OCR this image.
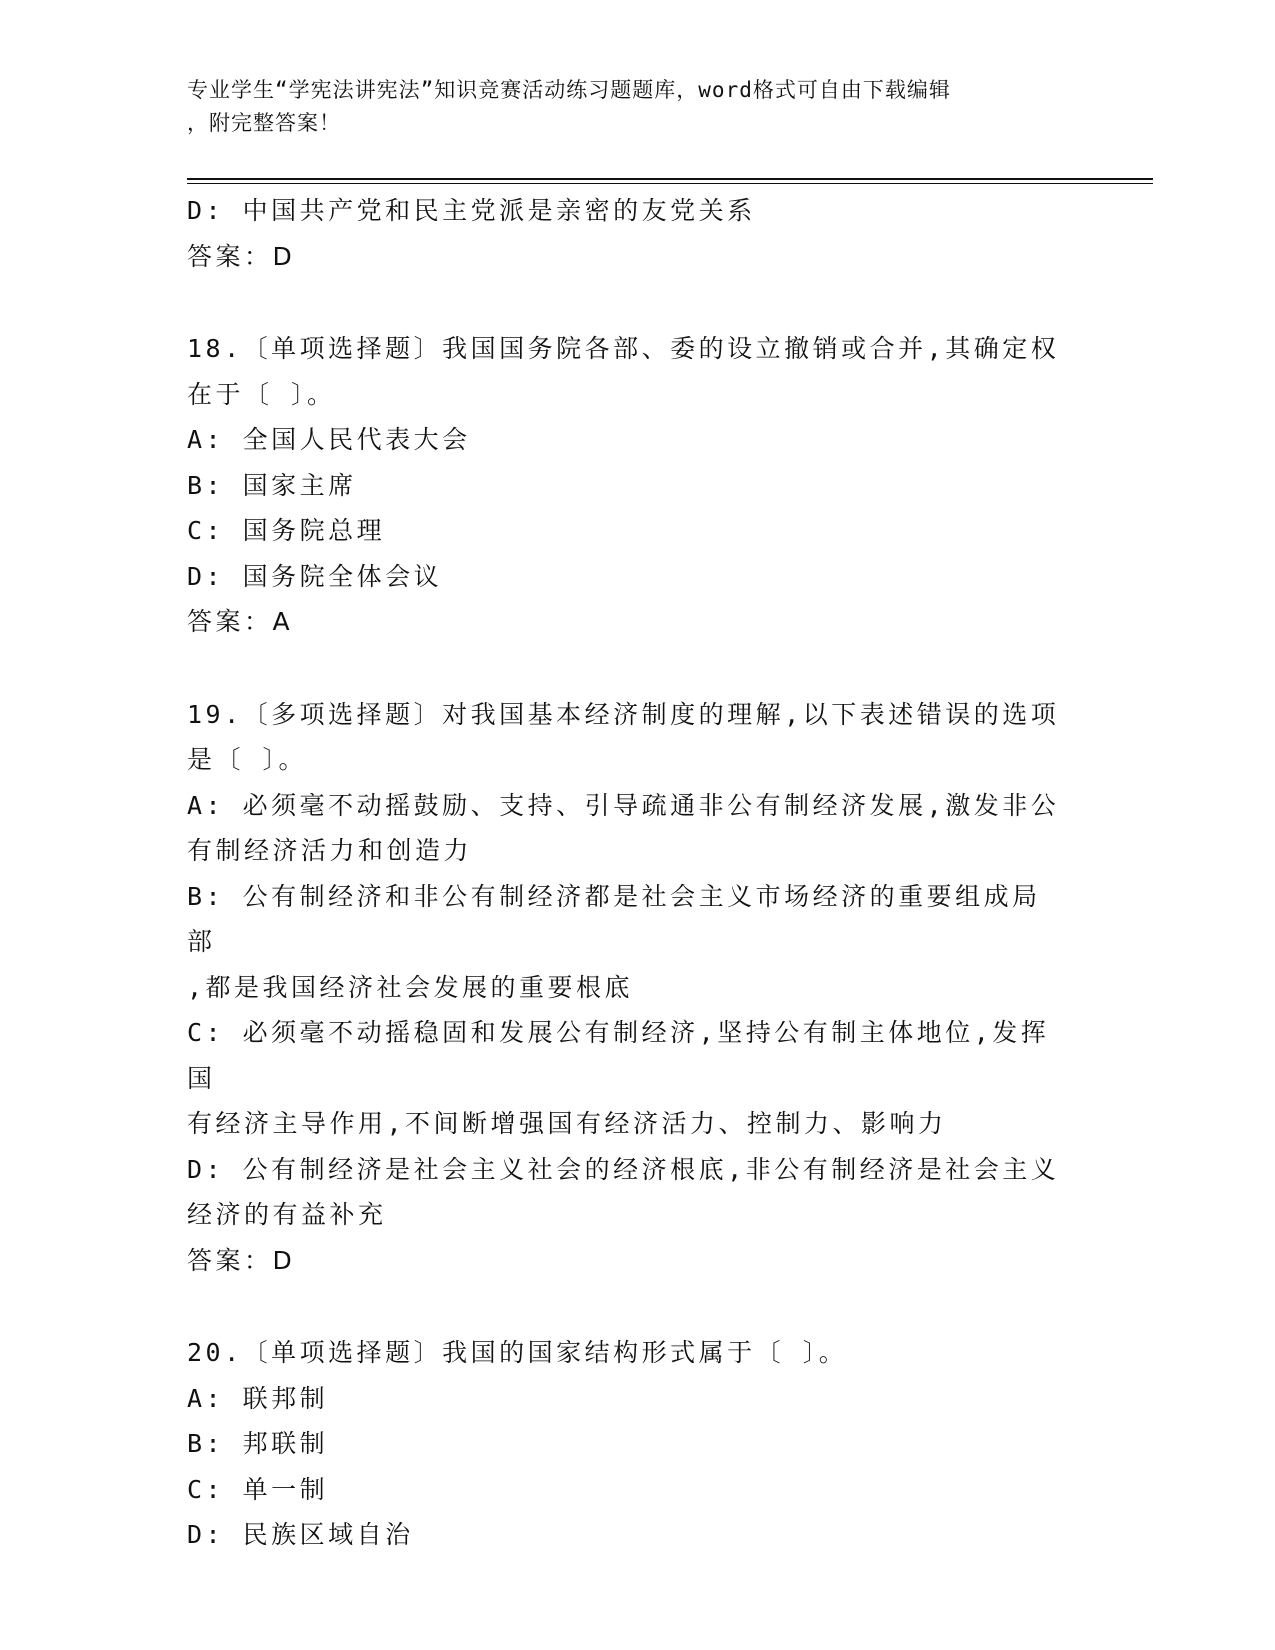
专业学生“学宪法讲宪法”知识竞赛活动练习题题库，word格式可自由下载编辑
，附完整答案！
D: 中国共产党和民主党派是亲密的友党关系
答案：D
18.〔单项选择题〕我国国务院各部、委的设立撤销或合并,其确定权
在于〔 〕。
A: 全国人民代表大会
B: 国家主席
C: 国务院总理
D: 国务院全体会议
答案：A
19.〔多项选择题〕对我国基本经济制度的理解,以下表述错误的选项
是〔 〕。
A: 必须毫不动摇鼓励、支持、引导疏通非公有制经济发展,激发非公
有制经济活力和创造力
B: 公有制经济和非公有制经济都是社会主义市场经济的重要组成局部
,都是我国经济社会发展的重要根底
C: 必须毫不动摇稳固和发展公有制经济,坚持公有制主体地位,发挥国
有经济主导作用,不间断增强国有经济活力、控制力、影响力
D: 公有制经济是社会主义社会的经济根底,非公有制经济是社会主义
经济的有益补充
答案：D
20.〔单项选择题〕我国的国家结构形式属于〔 〕。
A: 联邦制
B: 邦联制
C: 单一制
D: 民族区域自治
